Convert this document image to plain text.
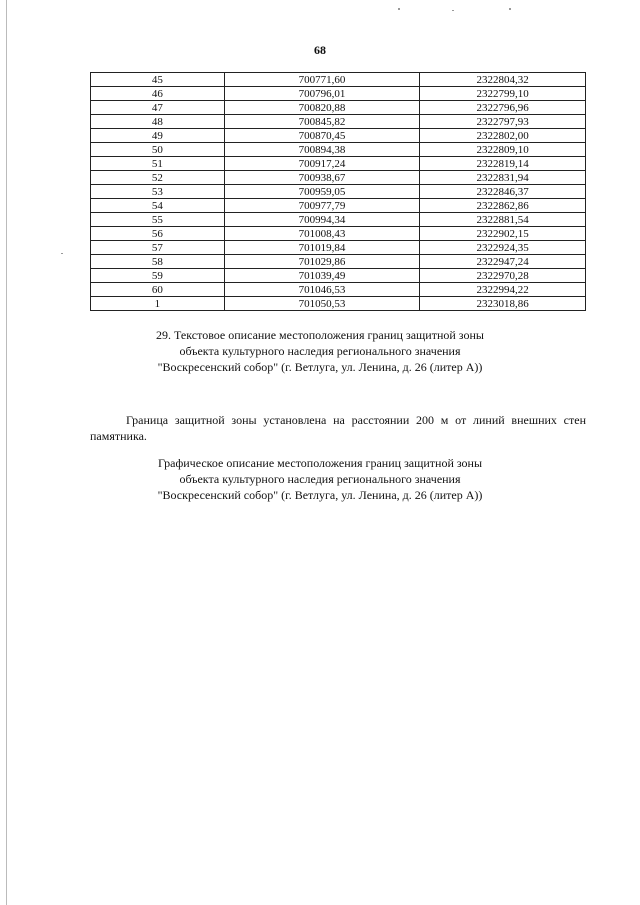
68
45	700771,60	2322804,32
46	700796,01	2322799,10
47	700820,88	2322796,96
48	700845,82	2322797,93
49	700870,45	2322802,00
50	700894,38	2322809,10
51	700917,24	2322819,14
52	700938,67	2322831,94
53	700959,05	2322846,37
54	700977,79	2322862,86
55	700994,34	2322881,54
56	701008,43	2322902,15
57	701019,84	2322924,35
58	701029,86	2322947,24
59	701039,49	2322970,28
60	701046,53	2322994,22
1	701050,53	2323018,86
29. Текстовое описание местоположения границ защитной зоны
объекта культурного наследия регионального значения
"Воскресенский собор" (г. Ветлуга, ул. Ленина, д. 26 (литер А))
Граница защитной зоны установлена на расстоянии 200 м от линий внешних стен памятника.
Графическое описание местоположения границ защитной зоны
объекта культурного наследия регионального значения
"Воскресенский собор" (г. Ветлуга, ул. Ленина, д. 26 (литер А))
